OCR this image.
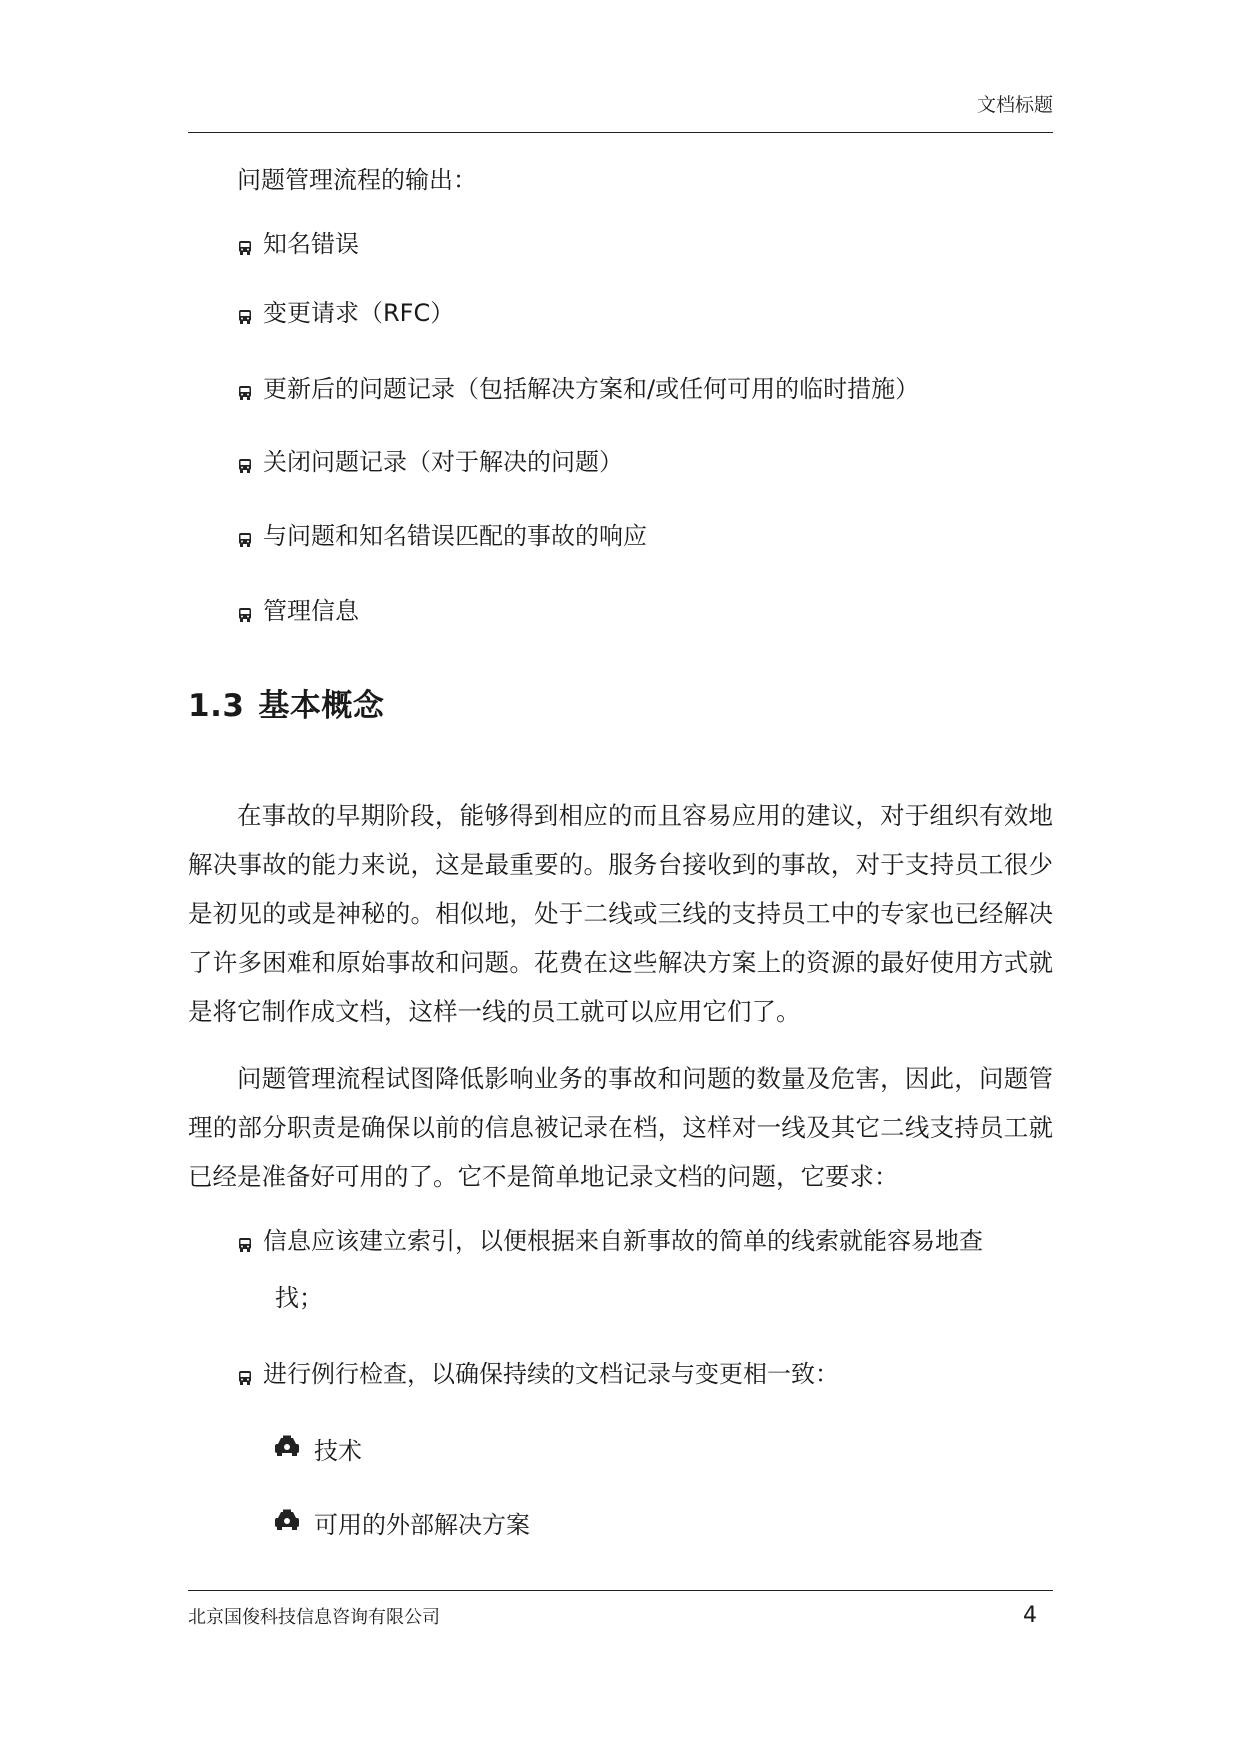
文档标题
问题管理流程的输出：
知名错误
变更请求（RFC）
更新后的问题记录（包括解决方案和/或任何可用的临时措施）
关闭问题记录（对于解决的问题）
与问题和知名错误匹配的事故的响应
管理信息
1.3 基本概念

在事故的早期阶段，能够得到相应的而且容易应用的建议，对于组织有效地解决事故的能力来说，这是最重要的。服务台接收到的事故，对于支持员工很少是初见的或是神秘的。相似地，处于二线或三线的支持员工中的专家也已经解决了许多困难和原始事故和问题。花费在这些解决方案上的资源的最好使用方式就是将它制作成文档，这样一线的员工就可以应用它们了。

问题管理流程试图降低影响业务的事故和问题的数量及危害，因此，问题管理的部分职责是确保以前的信息被记录在档，这样对一线及其它二线支持员工就已经是准备好可用的了。它不是简单地记录文档的问题，它要求：

信息应该建立索引，以便根据来自新事故的简单的线索就能容易地查
找；
进行例行检查，以确保持续的文档记录与变更相一致：
技术
可用的外部解决方案
北京国俊科技信息咨询有限公司	4
